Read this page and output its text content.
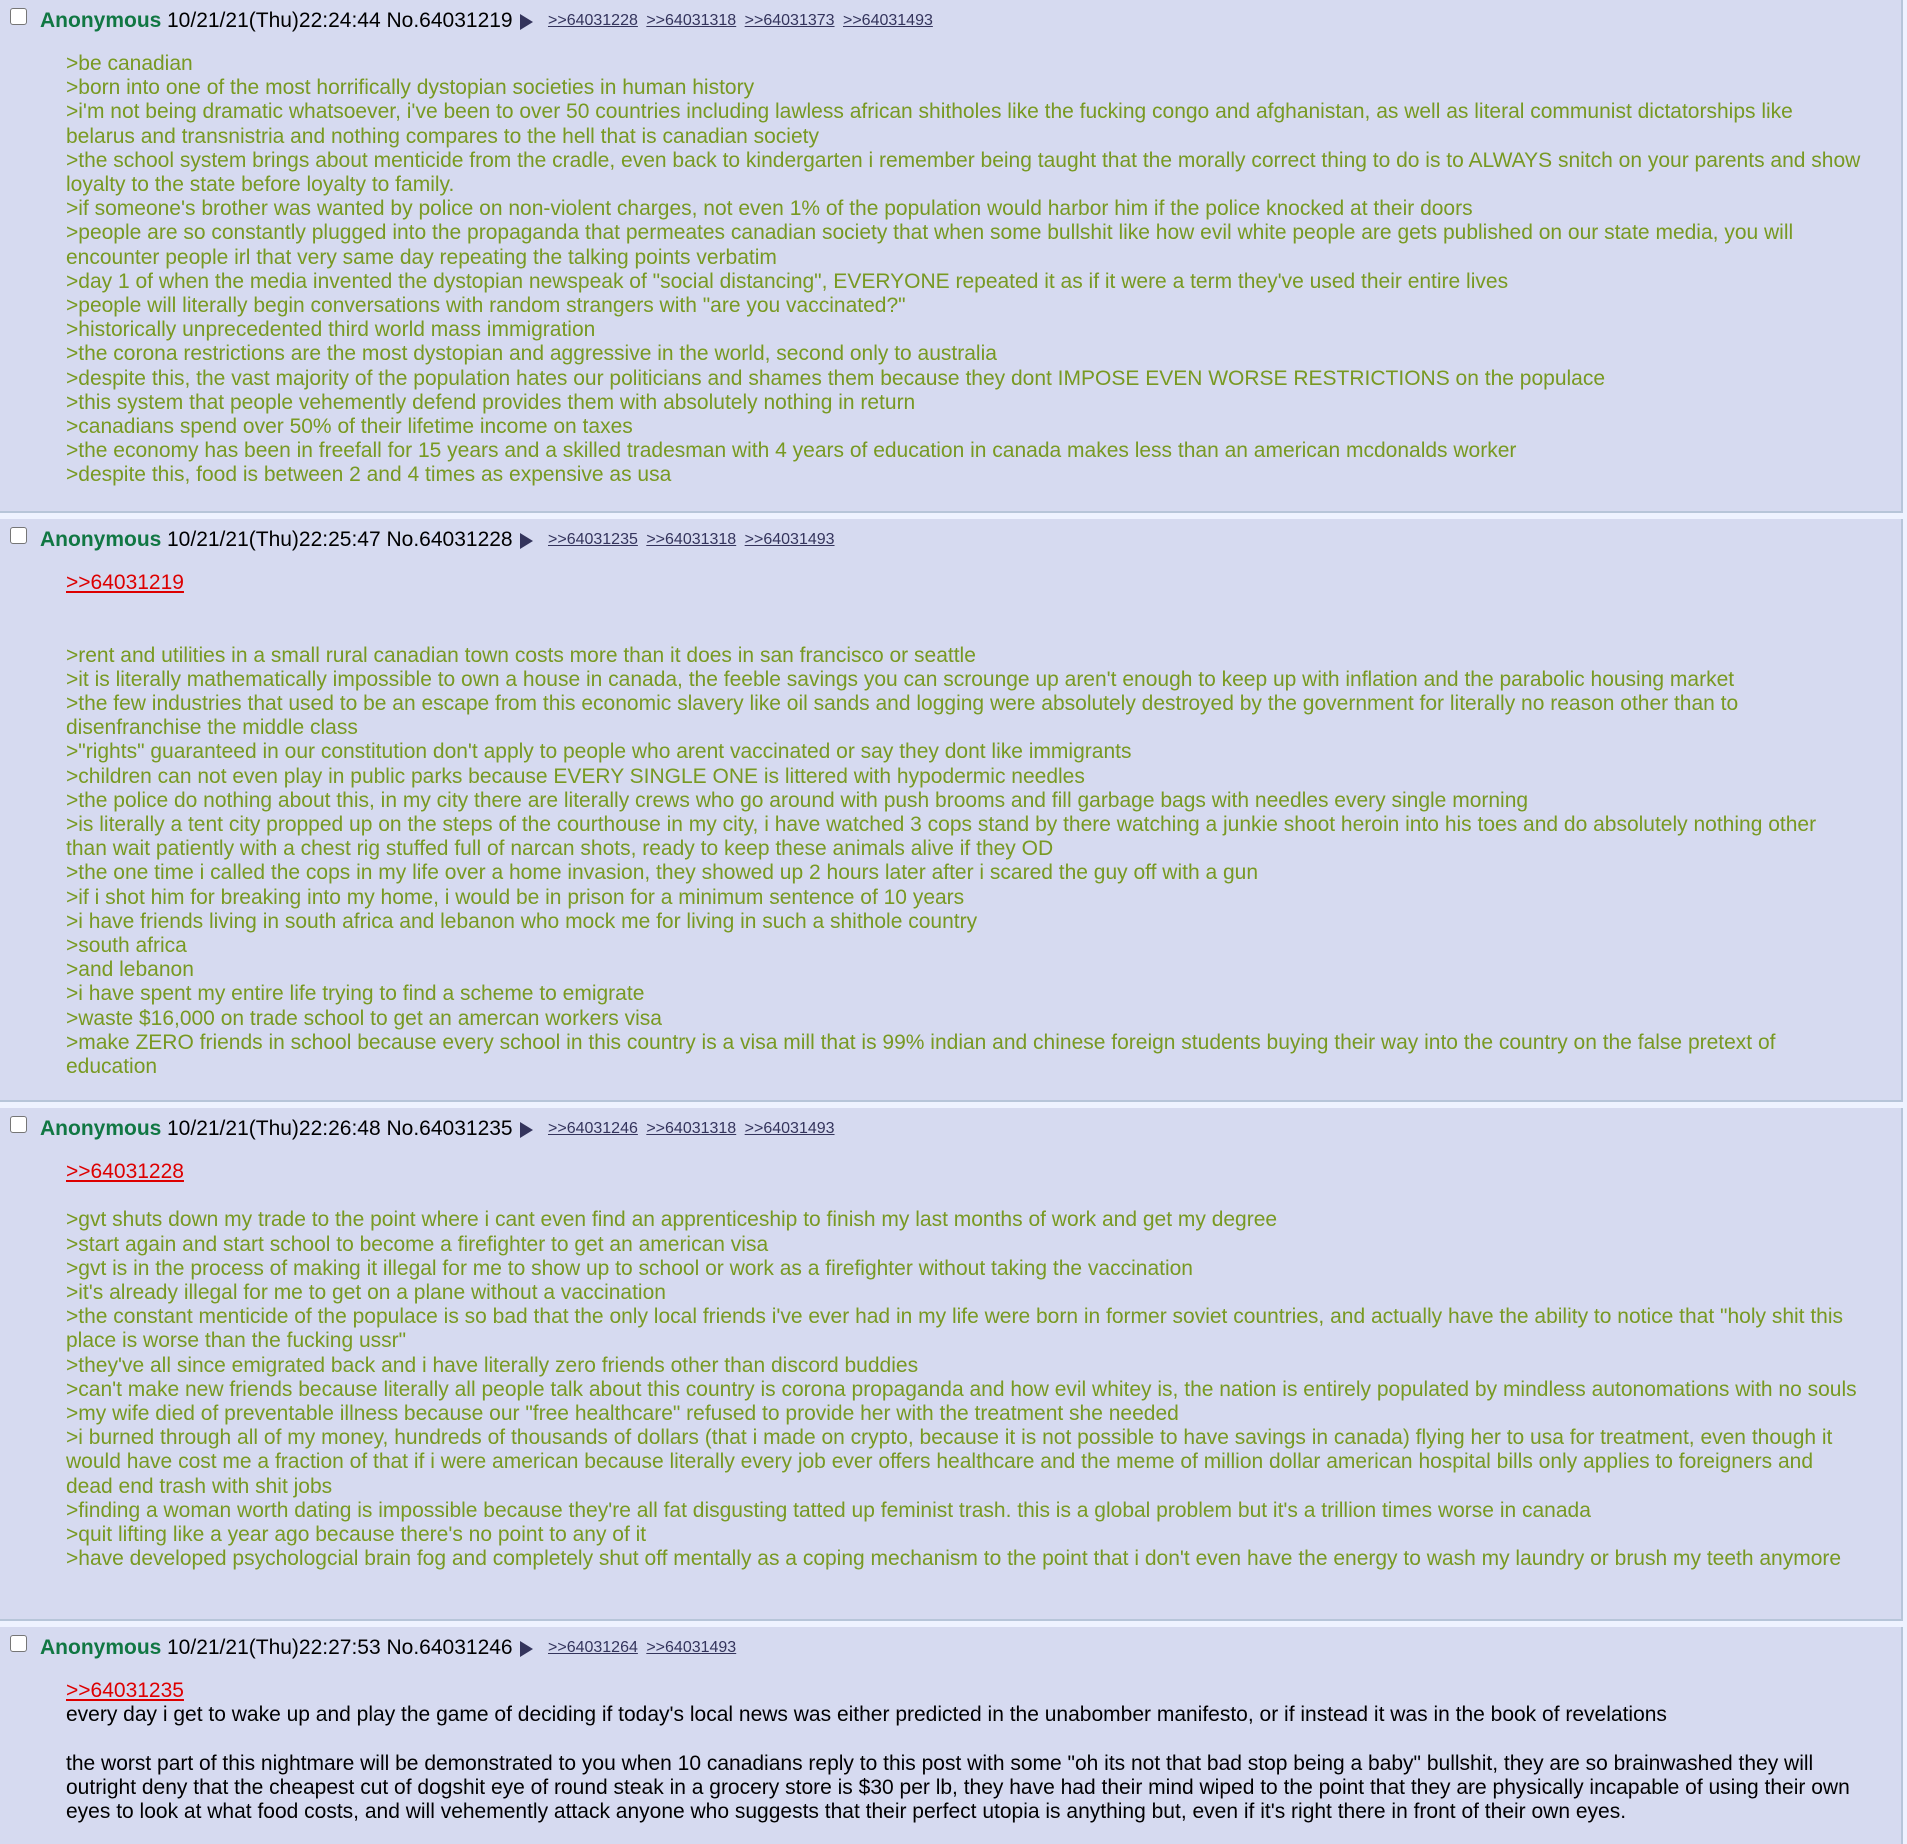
Anonymous 10/21/21(Thu)22:24:44 No.64031219 >>64031228 >>64031318 >>64031373 >>64031493
>be canadian
>born into one of the most horrifically dystopian societies in human history
>i'm not being dramatic whatsoever, i've been to over 50 countries including lawless african shitholes like the fucking congo and afghanistan, as well as literal communist dictatorships like belarus and transnistria and nothing compares to the hell that is canadian society
>the school system brings about menticide from the cradle, even back to kindergarten i remember being taught that the morally correct thing to do is to ALWAYS snitch on your parents and show loyalty to the state before loyalty to family.
>if someone's brother was wanted by police on non-violent charges, not even 1% of the population would harbor him if the police knocked at their doors
>people are so constantly plugged into the propaganda that permeates canadian society that when some bullshit like how evil white people are gets published on our state media, you will encounter people irl that very same day repeating the talking points verbatim
>day 1 of when the media invented the dystopian newspeak of "social distancing", EVERYONE repeated it as if it were a term they've used their entire lives
>people will literally begin conversations with random strangers with "are you vaccinated?"
>historically unprecedented third world mass immigration
>the corona restrictions are the most dystopian and aggressive in the world, second only to australia
>despite this, the vast majority of the population hates our politicians and shames them because they dont IMPOSE EVEN WORSE RESTRICTIONS on the populace
>this system that people vehemently defend provides them with absolutely nothing in return
>canadians spend over 50% of their lifetime income on taxes
>the economy has been in freefall for 15 years and a skilled tradesman with 4 years of education in canada makes less than an american mcdonalds worker
>despite this, food is between 2 and 4 times as expensive as usa
Anonymous 10/21/21(Thu)22:25:47 No.64031228 >>64031235 >>64031318 >>64031493
>>64031219
>rent and utilities in a small rural canadian town costs more than it does in san francisco or seattle
>it is literally mathematically impossible to own a house in canada, the feeble savings you can scrounge up aren't enough to keep up with inflation and the parabolic housing market
>the few industries that used to be an escape from this economic slavery like oil sands and logging were absolutely destroyed by the government for literally no reason other than to disenfranchise the middle class
>"rights" guaranteed in our constitution don't apply to people who arent vaccinated or say they dont like immigrants
>children can not even play in public parks because EVERY SINGLE ONE is littered with hypodermic needles
>the police do nothing about this, in my city there are literally crews who go around with push brooms and fill garbage bags with needles every single morning
>is literally a tent city propped up on the steps of the courthouse in my city, i have watched 3 cops stand by there watching a junkie shoot heroin into his toes and do absolutely nothing other than wait patiently with a chest rig stuffed full of narcan shots, ready to keep these animals alive if they OD
>the one time i called the cops in my life over a home invasion, they showed up 2 hours later after i scared the guy off with a gun
>if i shot him for breaking into my home, i would be in prison for a minimum sentence of 10 years
>i have friends living in south africa and lebanon who mock me for living in such a shithole country
>south africa
>and lebanon
>i have spent my entire life trying to find a scheme to emigrate
>waste $16,000 on trade school to get an amercan workers visa
>make ZERO friends in school because every school in this country is a visa mill that is 99% indian and chinese foreign students buying their way into the country on the false pretext of education
Anonymous 10/21/21(Thu)22:26:48 No.64031235 >>64031246 >>64031318 >>64031493
>>64031228
>gvt shuts down my trade to the point where i cant even find an apprenticeship to finish my last months of work and get my degree
>start again and start school to become a firefighter to get an american visa
>gvt is in the process of making it illegal for me to show up to school or work as a firefighter without taking the vaccination
>it's already illegal for me to get on a plane without a vaccination
>the constant menticide of the populace is so bad that the only local friends i've ever had in my life were born in former soviet countries, and actually have the ability to notice that "holy shit this place is worse than the fucking ussr"
>they've all since emigrated back and i have literally zero friends other than discord buddies
>can't make new friends because literally all people talk about this country is corona propaganda and how evil whitey is, the nation is entirely populated by mindless autonomations with no souls
>my wife died of preventable illness because our "free healthcare" refused to provide her with the treatment she needed
>i burned through all of my money, hundreds of thousands of dollars (that i made on crypto, because it is not possible to have savings in canada) flying her to usa for treatment, even though it would have cost me a fraction of that if i were american because literally every job ever offers healthcare and the meme of million dollar american hospital bills only applies to foreigners and dead end trash with shit jobs
>finding a woman worth dating is impossible because they're all fat disgusting tatted up feminist trash. this is a global problem but it's a trillion times worse in canada
>quit lifting like a year ago because there's no point to any of it
>have developed psychologcial brain fog and completely shut off mentally as a coping mechanism to the point that i don't even have the energy to wash my laundry or brush my teeth anymore
Anonymous 10/21/21(Thu)22:27:53 No.64031246 >>64031264 >>64031493
>>64031235
every day i get to wake up and play the game of deciding if today's local news was either predicted in the unabomber manifesto, or if instead it was in the book of revelations
the worst part of this nightmare will be demonstrated to you when 10 canadians reply to this post with some "oh its not that bad stop being a baby" bullshit, they are so brainwashed they will outright deny that the cheapest cut of dogshit eye of round steak in a grocery store is $30 per lb, they have had their mind wiped to the point that they are physically incapable of using their own eyes to look at what food costs, and will vehemently attack anyone who suggests that their perfect utopia is anything but, even if it's right there in front of their own eyes.
